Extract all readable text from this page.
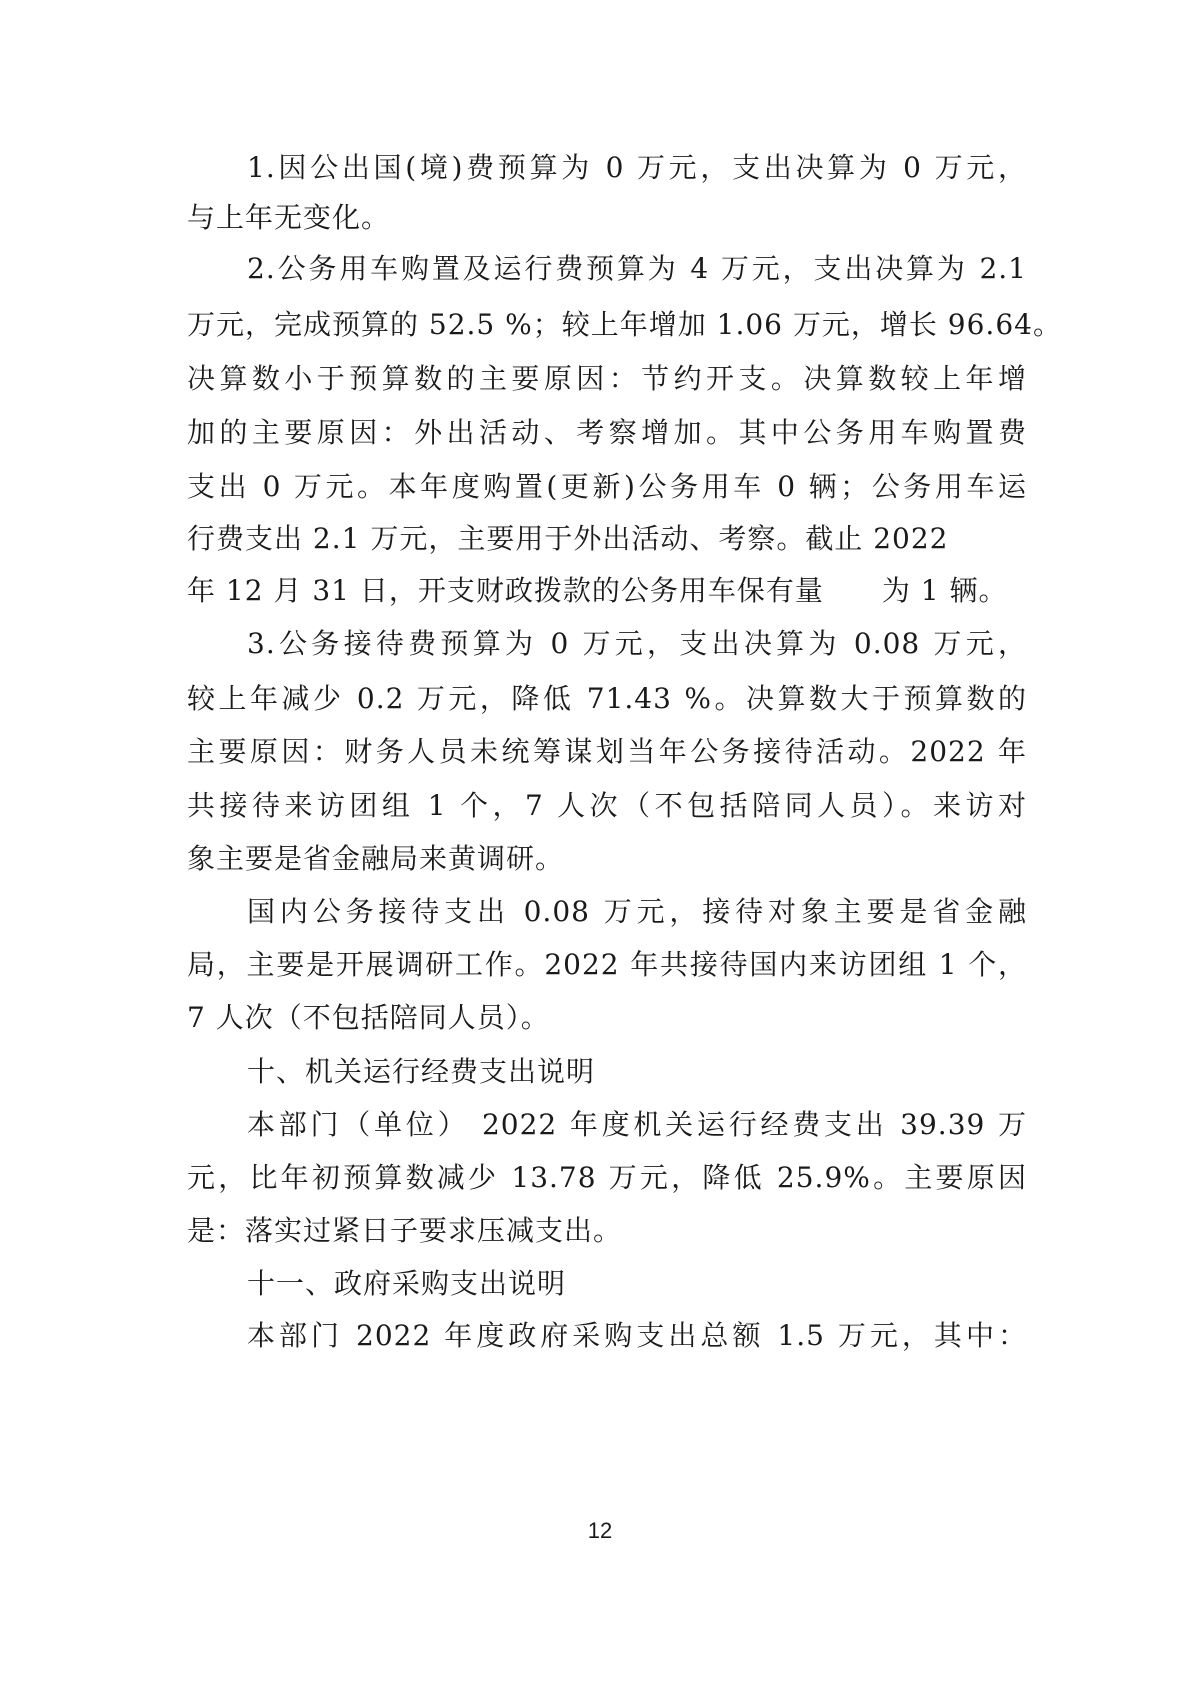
1.因公出国(境)费预算为 0 万元，支出决算为 0 万元，
与上年无变化。
2.公务用车购置及运行费预算为 4 万元，支出决算为 2.1
万元，完成预算的 52.5 %；较上年增加 1.06 万元，增长 96.64。
决算数小于预算数的主要原因：节约开支。决算数较上年增
加的主要原因：外出活动、考察增加。其中公务用车购置费
支出 0 万元。本年度购置(更新)公务用车 0 辆；公务用车运
行费支出 2.1 万元，主要用于外出活动、考察。截止 2022
年 12 月 31 日，开支财政拨款的公务用车保有量　　为 1 辆。
3.公务接待费预算为 0 万元，支出决算为 0.08 万元，
较上年减少 0.2 万元，降低 71.43 %。决算数大于预算数的
主要原因：财务人员未统筹谋划当年公务接待活动。2022 年
共接待来访团组 1 个，7 人次（不包括陪同人员）。来访对
象主要是省金融局来黄调研。
国内公务接待支出 0.08 万元，接待对象主要是省金融
局，主要是开展调研工作。2022 年共接待国内来访团组 1 个，
7 人次（不包括陪同人员）。
十、机关运行经费支出说明
本部门（单位） 2022 年度机关运行经费支出 39.39 万
元，比年初预算数减少 13.78 万元，降低 25.9%。主要原因
是：落实过紧日子要求压减支出。
十一、政府采购支出说明
本部门 2022 年度政府采购支出总额 1.5 万元，其中：
12
